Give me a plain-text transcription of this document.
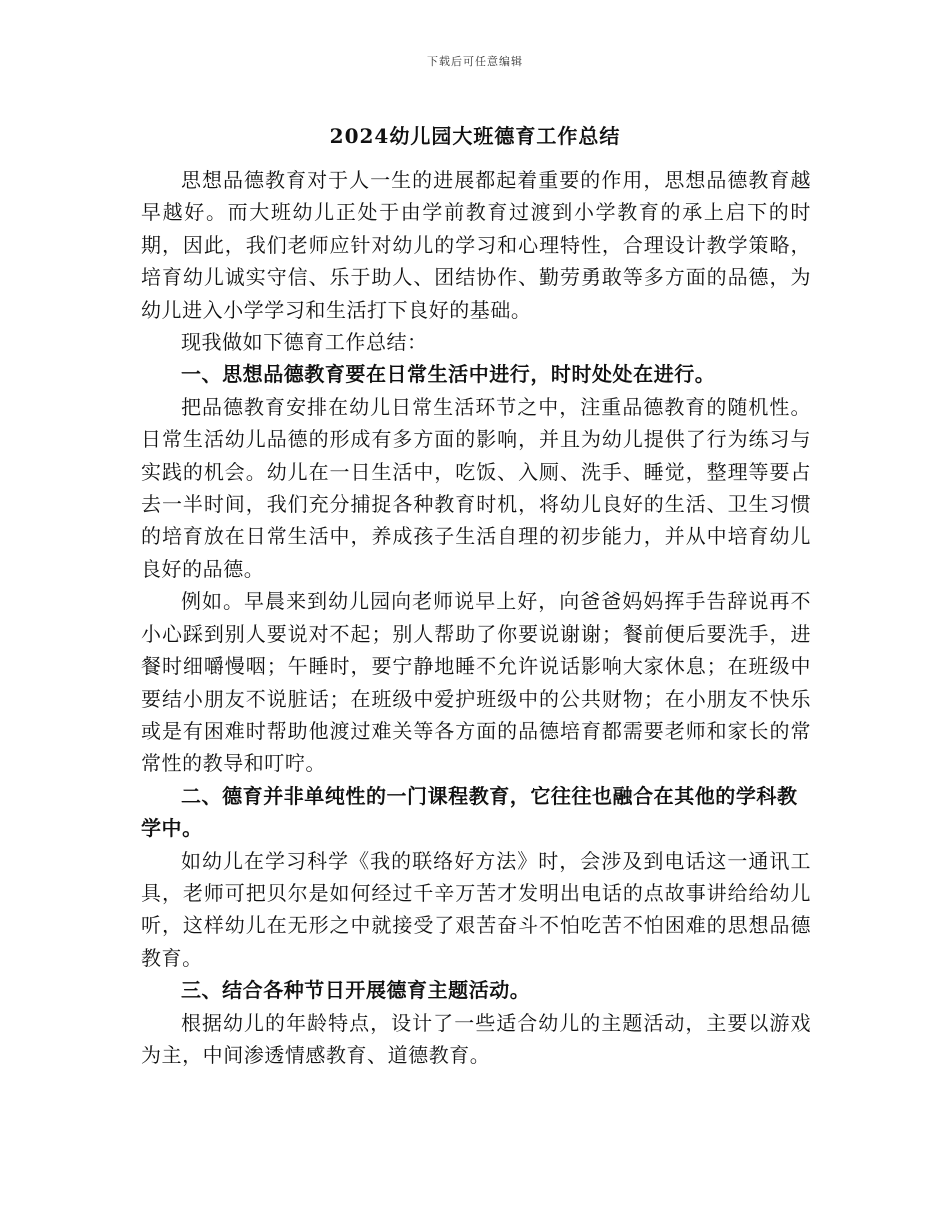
下载后可任意编辑
2024幼儿园大班德育工作总结

思想品德教育对于人一生的进展都起着重要的作用，思想品德教育越早越好。而大班幼儿正处于由学前教育过渡到小学教育的承上启下的时期，因此，我们老师应针对幼儿的学习和心理特性，合理设计教学策略，培育幼儿诚实守信、乐于助人、团结协作、勤劳勇敢等多方面的品德，为幼儿进入小学学习和生活打下良好的基础。

现我做如下德育工作总结：

一、思想品德教育要在日常生活中进行，时时处处在进行。

把品德教育安排在幼儿日常生活环节之中，注重品德教育的随机性。日常生活幼儿品德的形成有多方面的影响，并且为幼儿提供了行为练习与实践的机会。幼儿在一日生活中，吃饭、入厕、洗手、睡觉，整理等要占去一半时间，我们充分捕捉各种教育时机，将幼儿良好的生活、卫生习惯的培育放在日常生活中，养成孩子生活自理的初步能力，并从中培育幼儿良好的品德。

例如。早晨来到幼儿园向老师说早上好，向爸爸妈妈挥手告辞说再不小心踩到别人要说对不起；别人帮助了你要说谢谢；餐前便后要洗手，进餐时细嚼慢咽；午睡时，要宁静地睡不允许说话影响大家休息；在班级中要结小朋友不说脏话；在班级中爱护班级中的公共财物；在小朋友不快乐或是有困难时帮助他渡过难关等各方面的品德培育都需要老师和家长的常常性的教导和叮咛。

二、德育并非单纯性的一门课程教育，它往往也融合在其他的学科教学中。

如幼儿在学习科学《我的联络好方法》时，会涉及到电话这一通讯工具，老师可把贝尔是如何经过千辛万苦才发明出电话的点故事讲给给幼儿听，这样幼儿在无形之中就接受了艰苦奋斗不怕吃苦不怕困难的思想品德教育。

三、结合各种节日开展德育主题活动。

根据幼儿的年龄特点，设计了一些适合幼儿的主题活动，主要以游戏为主，中间渗透情感教育、道德教育。
